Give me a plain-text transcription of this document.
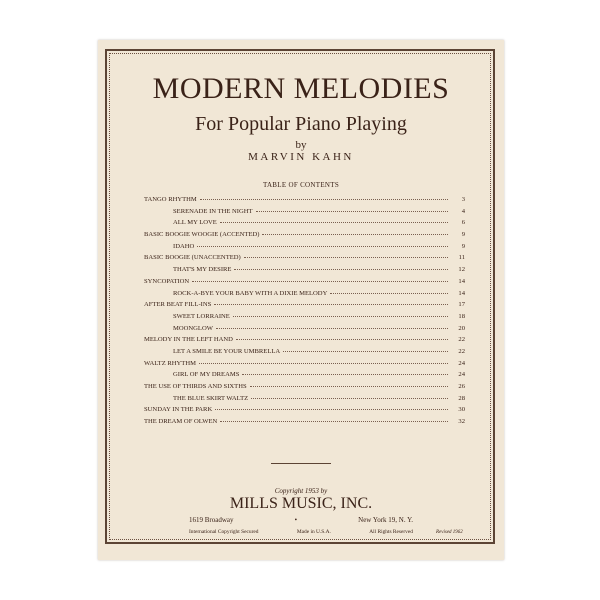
MODERN MELODIES
For Popular Piano Playing
by
MARVIN KAHN
TABLE OF CONTENTS
TANGO RHYTHM	3
SERENADE IN THE NIGHT	4
ALL MY LOVE	6
BASIC BOOGIE WOOGIE (ACCENTED)	9
IDAHO	9
BASIC BOOGIE (UNACCENTED)	11
THAT'S MY DESIRE	12
SYNCOPATION	14
ROCK-A-BYE YOUR BABY WITH A DIXIE MELODY	14
AFTER BEAT FILL-INS	17
SWEET LORRAINE	18
MOONGLOW	20
MELODY IN THE LEFT HAND	22
LET A SMILE BE YOUR UMBRELLA	22
WALTZ RHYTHM	24
GIRL OF MY DREAMS	24
THE USE OF THIRDS AND SIXTHS	26
THE BLUE SKIRT WALTZ	28
SUNDAY IN THE PARK	30
THE DREAM OF OLWEN	32
Copyright 1953 by
MILLS MUSIC, INC.
1619 Broadway	•	New York 19, N. Y.
International Copyright Secured	Made in U.S.A.	All Rights Reserved	Revised 1962
